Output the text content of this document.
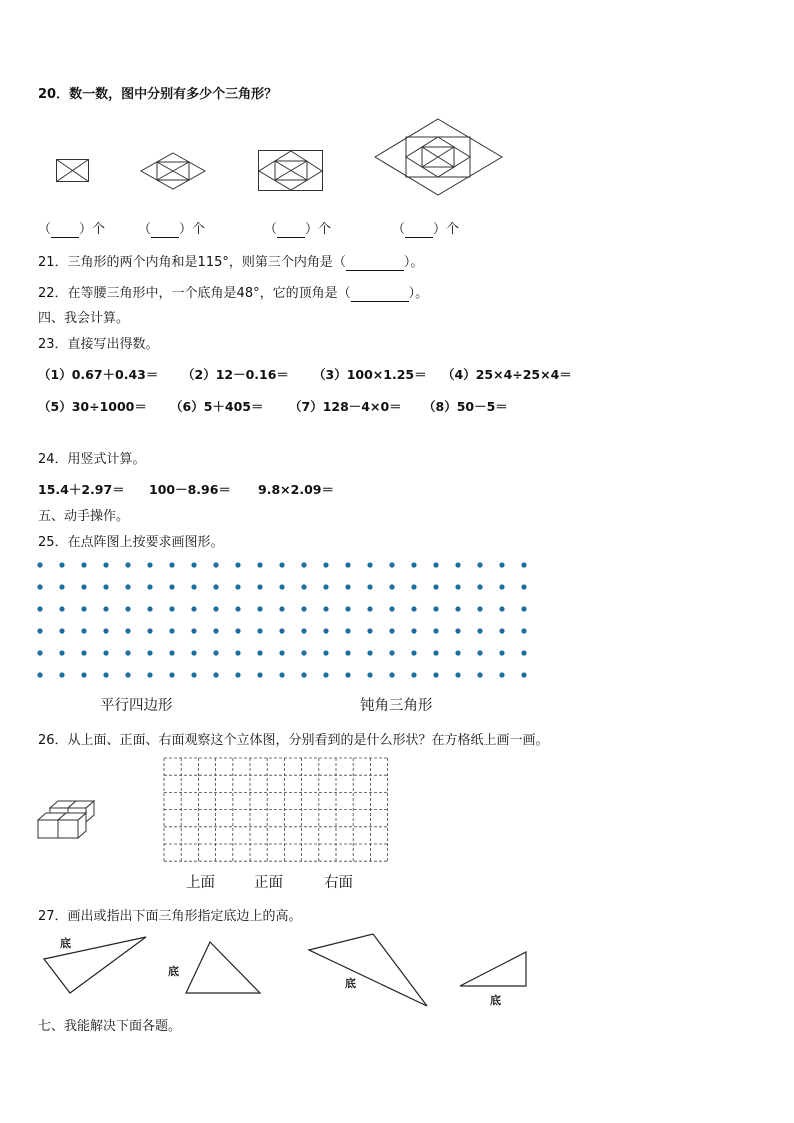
20．数一数，图中分别有多少个三角形？
（ ）个	（ ）个	（ ）个	（ ）个
21．三角形的两个内角和是115°，则第三个内角是（	）。
22．在等腰三角形中，一个底角是48°，它的顶角是（	）。
四、我会计算。
23．直接写出得数。
（1）0.67＋0.43＝ （2）12－0.16＝ （3）100×1.25＝ （4）25×4÷25×4＝
（5）30÷1000＝ （6）5＋405＝ （7）128－4×0＝ （8）50－5＝
24．用竖式计算。
15.4＋2.97＝ 100－8.96＝ 9.8×2.09＝
五、动手操作。
25．在点阵图上按要求画图形。
平行四边形	钝角三角形
26．从上面、正面、右面观察这个立体图，分别看到的是什么形状？在方格纸上画一画。
上面	正面	右面
27．画出或指出下面三角形指定底边上的高。
底
底
底
底
七、我能解决下面各题。
